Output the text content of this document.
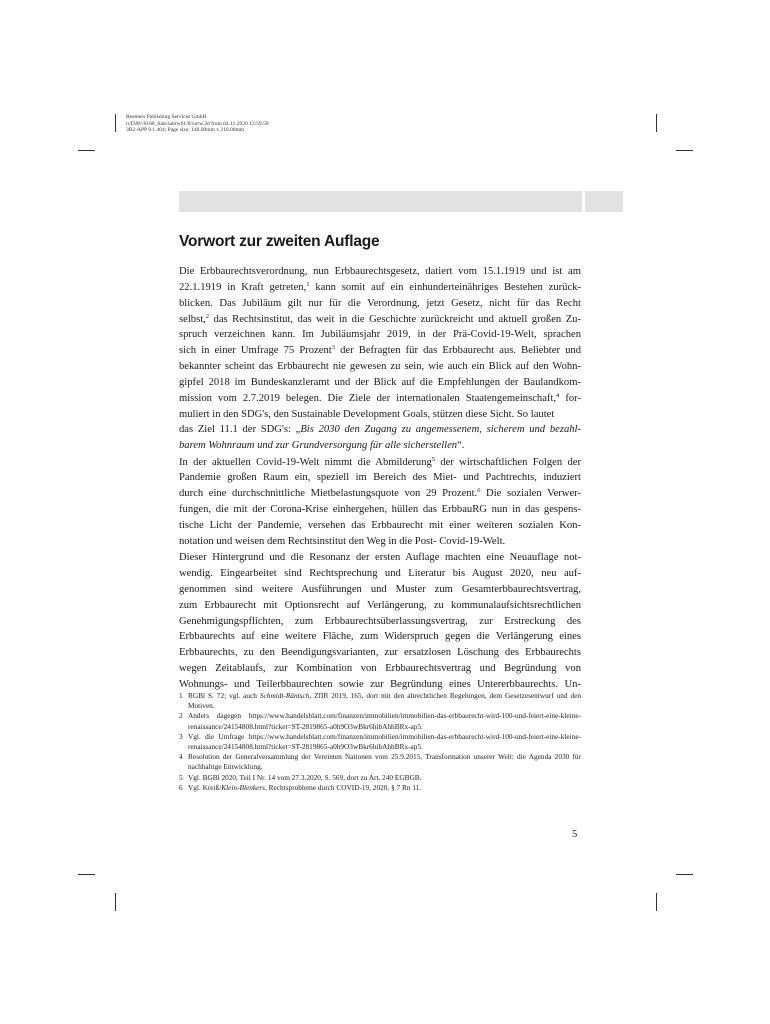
Reemers Publishing Services GmbH
ir/DAV/6168_Sate3abrw61/8/vorw.3d from 04.11.2020 13:59:58
3B2-APP 9.1.404; Page size: 148.00mm x 210.00mm
Vorwort zur zweiten Auflage

Die Erbbaurechtsverordnung, nun Erbbaurechtsgesetz, datiert vom 15.1.1919 und ist am
22.1.1919 in Kraft getreten,$^1$ kann somit auf ein einhunderteinähriges Bestehen zurück-
blicken. Das Jubiläum gilt nur für die Verordnung, jetzt Gesetz, nicht für das Recht
selbst,$^2$ das Rechtsinstitut, das weit in die Geschichte zurückreicht und aktuell großen Zu-
spruch verzeichnen kann. Im Jubiläumsjahr 2019, in der Prä-Covid-19-Welt, sprachen
sich in einer Umfrage 75 Prozent$^3$ der Befragten für das Erbbaurecht aus. Beliebter und
bekannter scheint das Erbbaurecht nie gewesen zu sein, wie auch ein Blick auf den Wohn-
gipfel 2018 im Bundeskanzleramt und der Blick auf die Empfehlungen der Baulandkom-
mission vom 2.7.2019 belegen. Die Ziele der internationalen Staatengemeinschaft,$^4$ for-
muliert in den SDG's, den Sustainable Development Goals, stützen diese Sicht. So lautet
das Ziel 11.1 der SDG's: „Bis 2030 den Zugang zu angemessenem, sicherem und bezahl-
barem Wohnraum und zur Grundversorgung für alle sicherstellen“.

In der aktuellen Covid-19-Welt nimmt die Abmilderung$^5$ der wirtschaftlichen Folgen der
Pandemie großen Raum ein, speziell im Bereich des Miet- und Pachtrechts, induziert
durch eine durchschnittliche Mietbelastungsquote von 29 Prozent.$^6$ Die sozialen Verwer-
fungen, die mit der Corona-Krise einhergehen, hüllen das ErbbauRG nun in das gespens-
tische Licht der Pandemie, versehen das Erbbaurecht mit einer weiteren sozialen Kon-
notation und weisen dem Rechtsinstitut den Weg in die Post- Covid-19-Welt.

Dieser Hintergrund und die Resonanz der ersten Auflage machten eine Neuauflage not-
wendig. Eingearbeitet sind Rechtsprechung und Literatur bis August 2020, neu auf-
genommen sind weitere Ausführungen und Muster zum Gesamterbbaurechtsvertrag,
zum Erbbaurecht mit Optionsrecht auf Verlängerung, zu kommunalaufsichtsrechtlichen
Genehmigungspflichten, zum Erbbaurechtsüberlassungsvertrag, zur Erstreckung des
Erbbaurechts auf eine weitere Fläche, zum Widerspruch gegen die Verlängerung eines
Erbbaurechts, zu den Beendigungsvarianten, zur ersatzlosen Löschung des Erbbaurechts
wegen Zeitablaufs, zur Kombination von Erbbaurechtsvertrag und Begründung von
Wohnungs- und Teilerbbaurechten sowie zur Begründung eines Untererbbaurechts. Un-

1 RGBl S. 72; vgl. auch Schmidt-Räntsch, ZfIR 2019, 165, dort mit den altrechtlichen Regelungen, dem Gesetzesentwurf und den Motiven.
2 Anders dagegen https://www.handelsblatt.com/finanzen/immobilien/immobilien-das-erbbaurecht-wird-100-und-feiert-eine-kleine-renaissance/24154808.html?ticket=ST-2819865-a0h9O3wBkr6hibAhhBRx-ap5.
3 Vgl. die Umfrage https://www.handelsblatt.com/finanzen/immobilien/immobilien-das-erbbaurecht-wird-100-und-feiert-eine-kleine-renaissance/24154808.html?ticket=ST-2819865-a0h9O3wBkr6hibAhhBRx-ap5.
4 Resolution der Generalversammlung der Vereinten Nationen vom 25.9.2015, Transformation unserer Welt: die Agenda 2030 für nachhaltige Entwicklung.
5 Vgl. BGBl 2020, Teil I Nr. 14 vom 27.3.2020, S. 569, dort zu Art. 240 EGBGB.
6 Vgl. Kreiß/Klein-Blenkers, Rechtsprobleme durch COVID-19, 2020, § 7 Rn 11.
5
